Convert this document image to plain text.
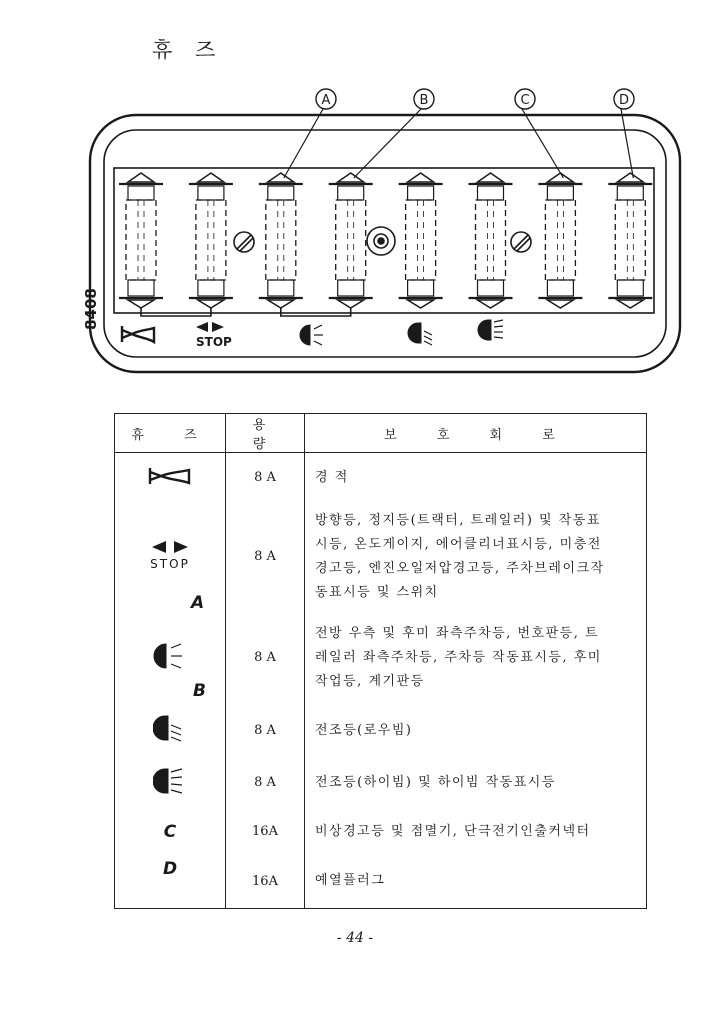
휴 즈
A	B	C	D
STOP
8408
휴 즈	용 량	보 호 회 로
	8 A	경 적

STOP	8 A	방향등, 정지등(트랙터, 트레일러) 및 작동표
시등, 온도게이지, 에어클리너표시등, 미충전
경고등, 엔진오일저압경고등, 주차브레이크작
동표시등 및 스위치

A
B	8 A	전방 우측 및 후미 좌측주차등, 번호판등, 트
레일러 좌측주차등, 주차등 작동표시등, 후미
작업등, 계기판등

	8 A	전조등(로우빔)

	8 A	전조등(하이빔) 및 하이빔 작동표시등

C	16A	비상경고등 및 점멸기, 단극전기인출커넥터

D	16A	예열플러그
- 44 -
